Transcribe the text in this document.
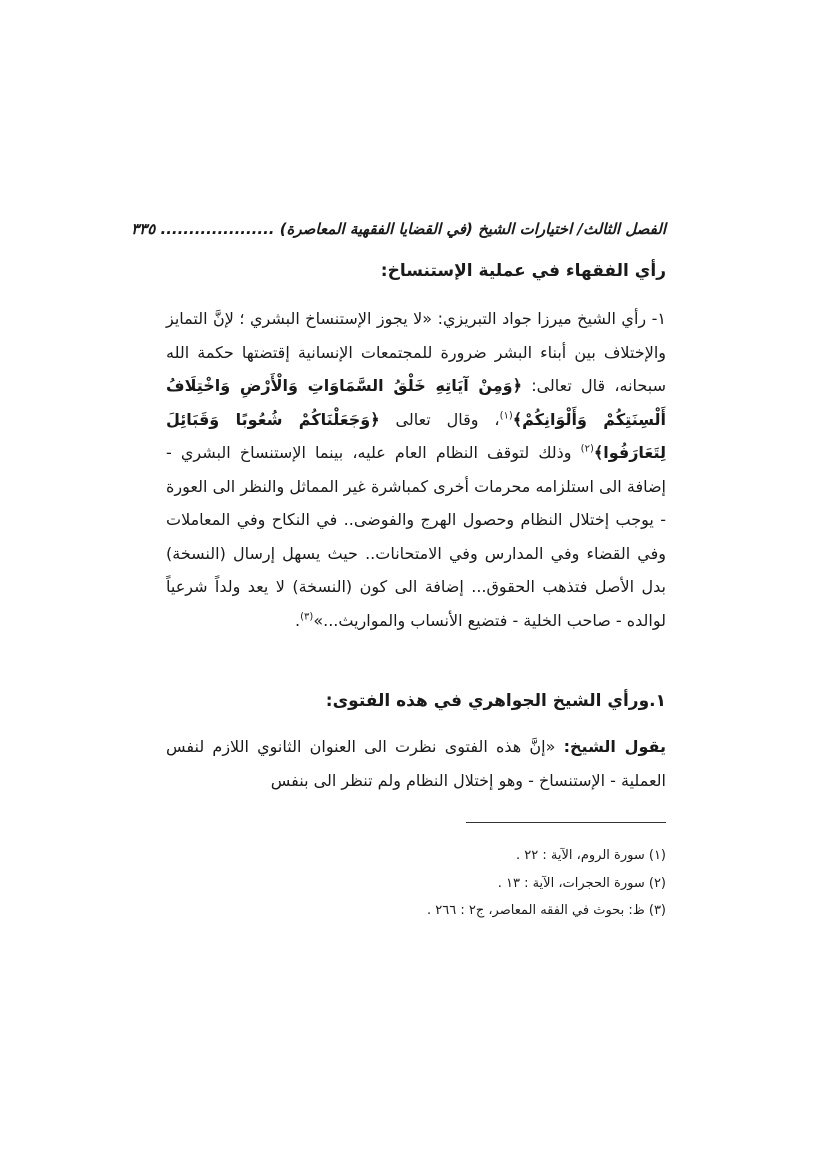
الفصل الثالث/ اختيارات الشيخ (في القضايا الفقهية المعاصرة) .................... ٣٣٥
رأي الفقهاء في عملية الإستنساخ:
١- رأي الشيخ ميرزا جواد التبريزي: «لا يجوز الإستنساخ البشري ؛ لإنَّ التمايز والإختلاف بين أبناء البشر ضرورة للمجتمعات الإنسانية إقتضتها حكمة الله سبحانه، قال تعالى: ﴿وَمِنْ آيَاتِهِ خَلْقُ السَّمَاوَاتِ وَالْأَرْضِ وَاخْتِلَافُ أَلْسِنَتِكُمْ وَأَلْوَانِكُمْ﴾$^{(١)}$، وقال تعالى ﴿وَجَعَلْنَاكُمْ شُعُوبًا وَقَبَائِلَ لِتَعَارَفُوا﴾$^{(٢)}$ وذلك لتوقف النظام العام عليه، بينما الإستنساخ البشري - إضافة الى استلزامه محرمات أخرى كمباشرة غير المماثل والنظر الى العورة - يوجب إختلال النظام وحصول الهرج والفوضى.. في النكاح وفي المعاملات وفي القضاء وفي المدارس وفي الامتحانات.. حيث يسهل إرسال (النسخة) بدل الأصل فتذهب الحقوق... إضافة الى كون (النسخة) لا يعد ولداً شرعياً لوالده - صاحب الخلية - فتضيع الأنساب والمواريث...»$^{(٣)}$.
١.ورأي الشيخ الجواهري في هذه الفتوى:
يقول الشيخ: «إنَّ هذه الفتوى نظرت الى العنوان الثانوي اللازم لنفس العملية - الإستنساخ - وهو إختلال النظام ولم تنظر الى بنفس
(١) سورة الروم، الآية : ٢٢ .
(٢) سورة الحجرات، الآية : ١٣ .
(٣) ظ: بحوث في الفقه المعاصر، ج٢ : ٢٦٦ .
